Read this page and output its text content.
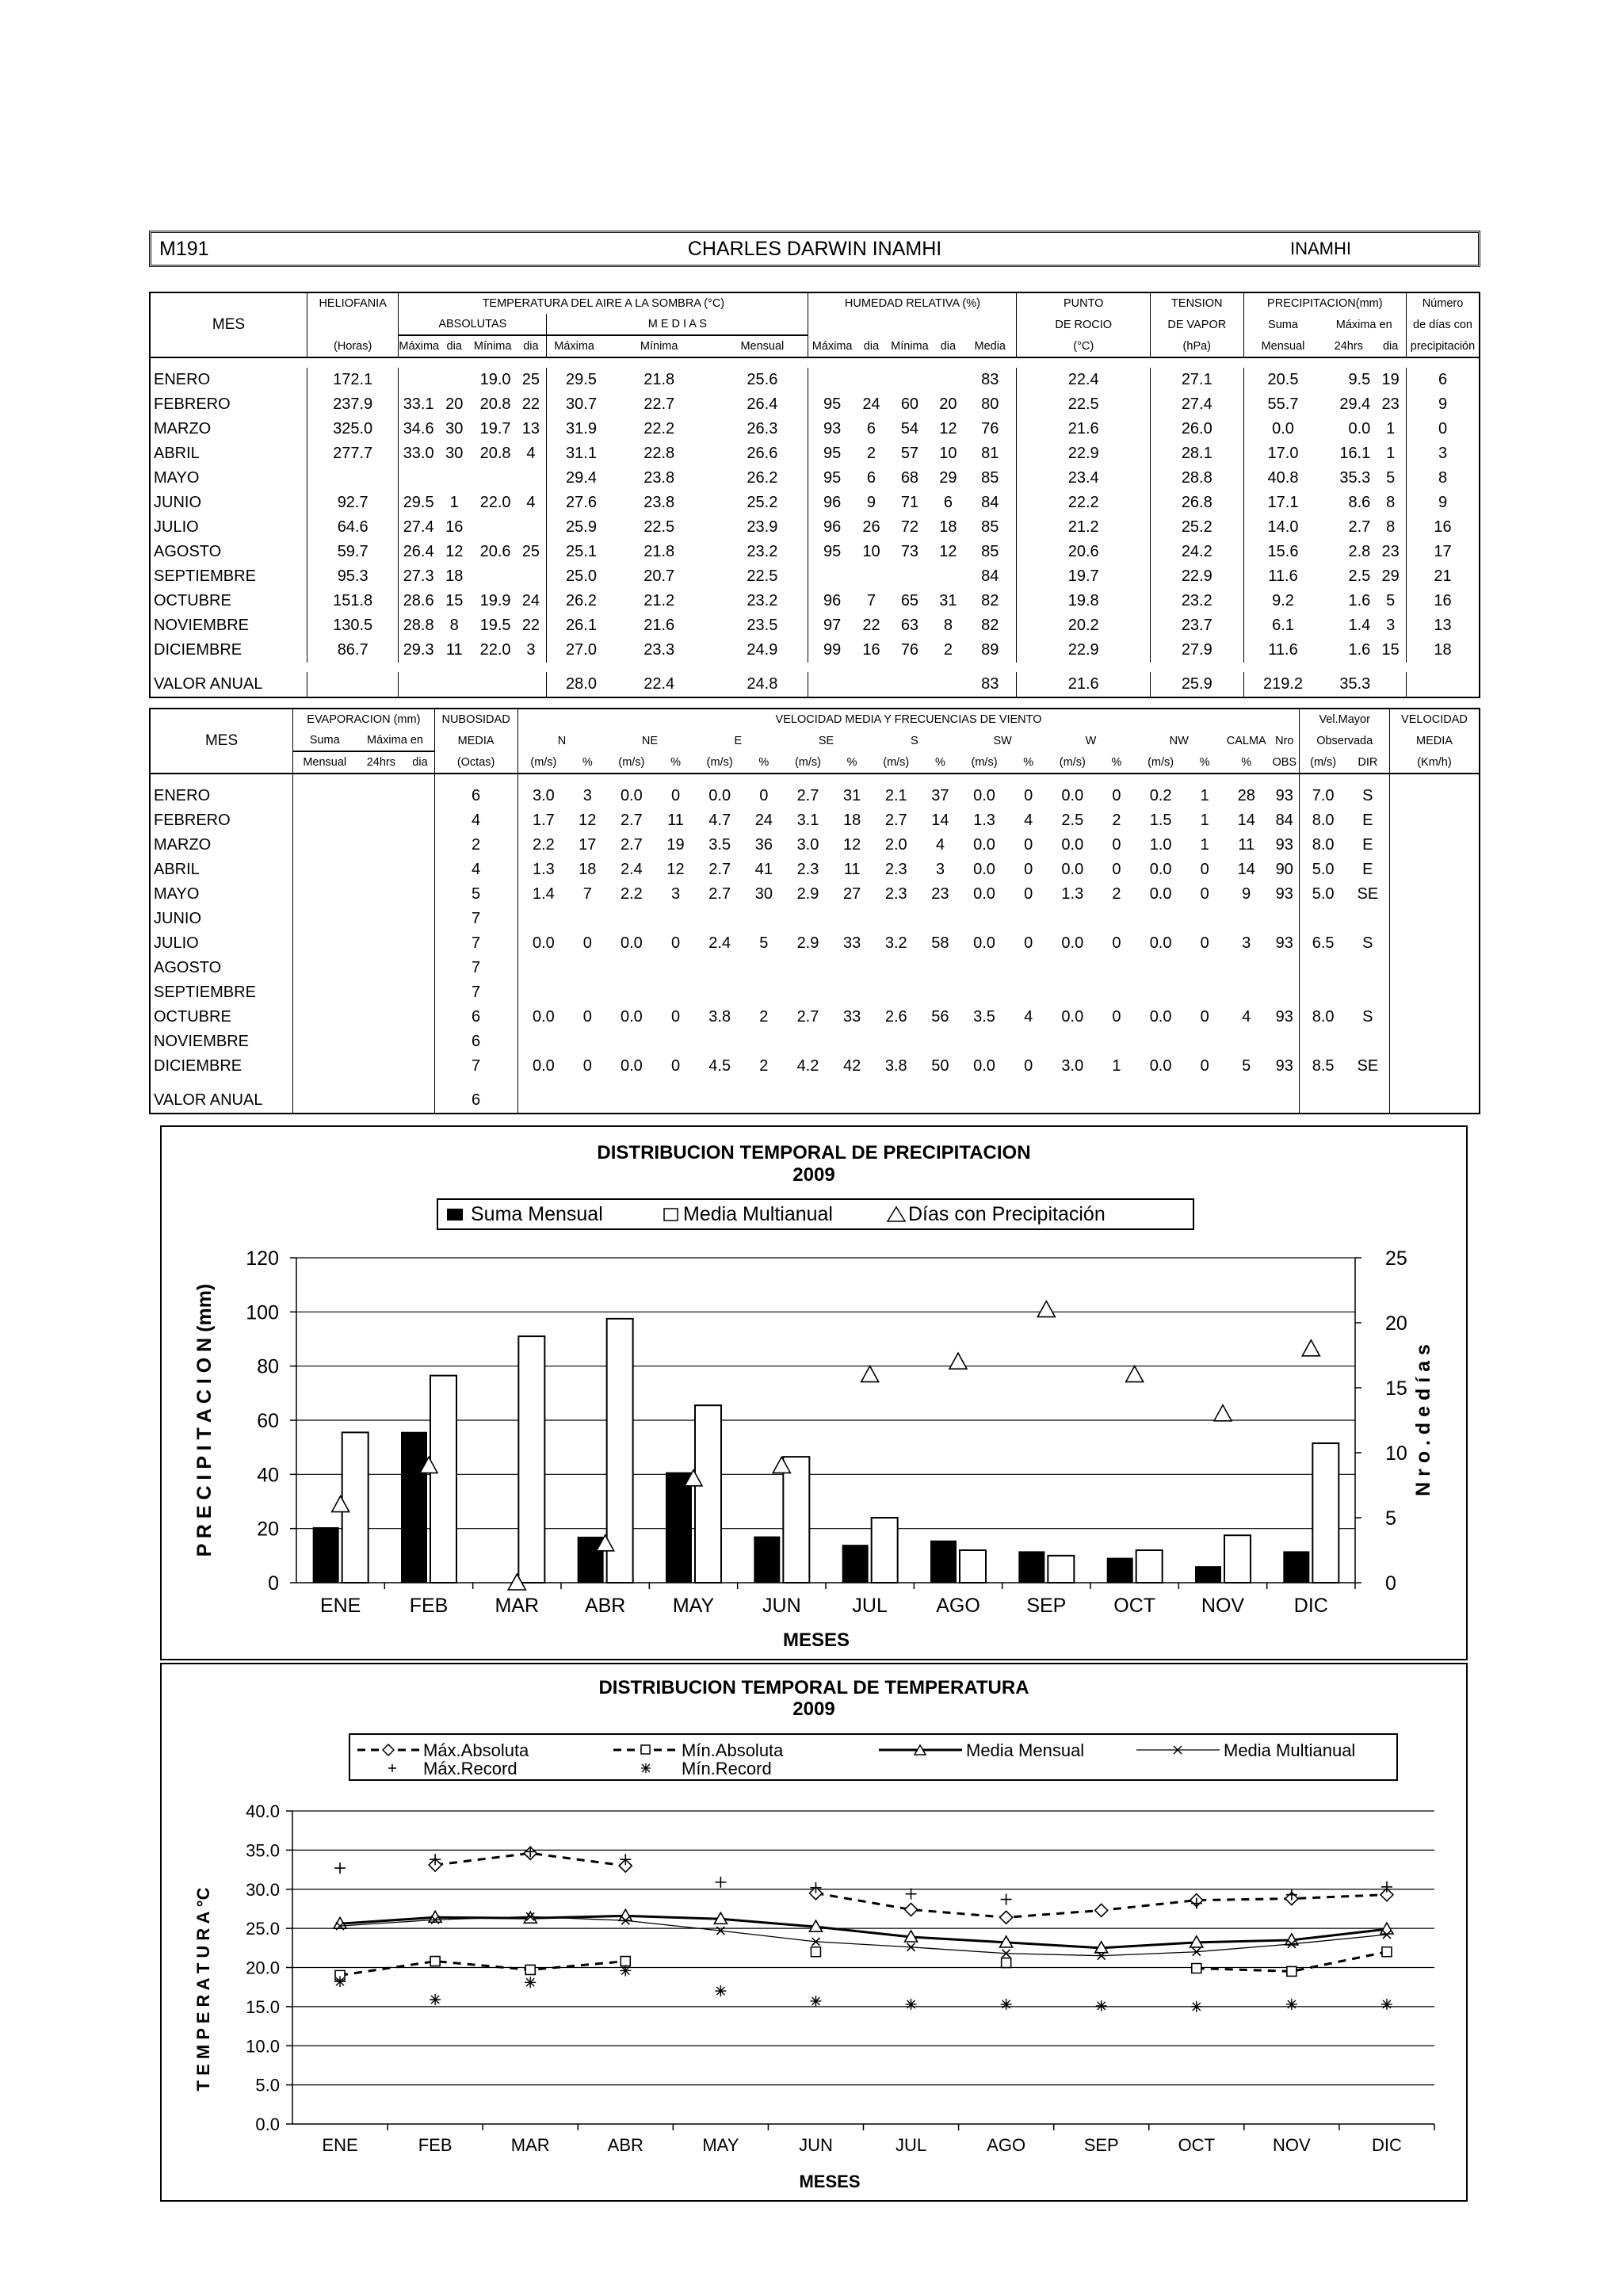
M191	CHARLES DARWIN INAMHI	INAMHI
	HELIOFANIA	TEMPERATURA DEL AIRE A LA SOMBRA (°C)							HUMEDAD RELATIVA (%)					PUNTO	TENSION	PRECIPITACION(mm)			Número
MES		ABSOLUTAS				M E D I A S								DE ROCIO	DE VAPOR	Suma	Máxima en		de días con
	(Horas)	Máxima	dia	Mínima	dia	Máxima	Mínima	Mensual	Máxima	dia	Mínima	dia	Media	(°C)	(hPa)	Mensual	24hrs	dia	precipitación

ENERO	172.1			19.0	25	29.5	21.8	25.6					83	22.4	27.1	20.5	9.5	19	6
FEBRERO	237.9	33.1	20	20.8	22	30.7	22.7	26.4	95	24	60	20	80	22.5	27.4	55.7	29.4	23	9
MARZO	325.0	34.6	30	19.7	13	31.9	22.2	26.3	93	6	54	12	76	21.6	26.0	0.0	0.0	1	0
ABRIL	277.7	33.0	30	20.8	4	31.1	22.8	26.6	95	2	57	10	81	22.9	28.1	17.0	16.1	1	3
MAYO						29.4	23.8	26.2	95	6	68	29	85	23.4	28.8	40.8	35.3	5	8
JUNIO	92.7	29.5	1	22.0	4	27.6	23.8	25.2	96	9	71	6	84	22.2	26.8	17.1	8.6	8	9
JULIO	64.6	27.4	16			25.9	22.5	23.9	96	26	72	18	85	21.2	25.2	14.0	2.7	8	16
AGOSTO	59.7	26.4	12	20.6	25	25.1	21.8	23.2	95	10	73	12	85	20.6	24.2	15.6	2.8	23	17
SEPTIEMBRE	95.3	27.3	18			25.0	20.7	22.5					84	19.7	22.9	11.6	2.5	29	21
OCTUBRE	151.8	28.6	15	19.9	24	26.2	21.2	23.2	96	7	65	31	82	19.8	23.2	9.2	1.6	5	16
NOVIEMBRE	130.5	28.8	8	19.5	22	26.1	21.6	23.5	97	22	63	8	82	20.2	23.7	6.1	1.4	3	13
DICIEMBRE	86.7	29.3	11	22.0	3	27.0	23.3	24.9	99	16	76	2	89	22.9	27.9	11.6	1.6	15	18

VALOR ANUAL						28.0	22.4	24.8					83	21.6	25.9	219.2	35.3		
	EVAPORACION (mm)			NUBOSIDAD	VELOCIDAD MEDIA Y FRECUENCIAS DE VIENTO																		Vel.Mayor		VELOCIDAD
MES	Suma	Máxima en		MEDIA	N		NE		E		SE		S		SW		W		NW		CALMA	Nro	Observada		MEDIA
	Mensual	24hrs	dia	(Octas)	(m/s)	%	(m/s)	%	(m/s)	%	(m/s)	%	(m/s)	%	(m/s)	%	(m/s)	%	(m/s)	%	%	OBS	(m/s)	DIR	(Km/h)

ENERO				6	3.0	3	0.0	0	0.0	0	2.7	31	2.1	37	0.0	0	0.0	0	0.2	1	28	93	7.0	S	
FEBRERO				4	1.7	12	2.7	11	4.7	24	3.1	18	2.7	14	1.3	4	2.5	2	1.5	1	14	84	8.0	E	
MARZO				2	2.2	17	2.7	19	3.5	36	3.0	12	2.0	4	0.0	0	0.0	0	1.0	1	11	93	8.0	E	
ABRIL				4	1.3	18	2.4	12	2.7	41	2.3	11	2.3	3	0.0	0	0.0	0	0.0	0	14	90	5.0	E	
MAYO				5	1.4	7	2.2	3	2.7	30	2.9	27	2.3	23	0.0	0	1.3	2	0.0	0	9	93	5.0	SE	
JUNIO				7																					
JULIO				7	0.0	0	0.0	0	2.4	5	2.9	33	3.2	58	0.0	0	0.0	0	0.0	0	3	93	6.5	S	
AGOSTO				7																					
SEPTIEMBRE				7																					
OCTUBRE				6	0.0	0	0.0	0	3.8	2	2.7	33	2.6	56	3.5	4	0.0	0	0.0	0	4	93	8.0	S	
NOVIEMBRE				6																					
DICIEMBRE				7	0.0	0	0.0	0	4.5	2	4.2	42	3.8	50	0.0	0	3.0	1	0.0	0	5	93	8.5	SE	

VALOR ANUAL				6																					
DISTRIBUCION TEMPORAL DE PRECIPITACION
2009
Suma Mensual	Media Multianual	Días con Precipitación
0
20
40
60
80
100
120
0
5
10
15
20
25
ENE FEB MAR ABR MAY JUN	JUL AGO SEP OCT NOV	DIC
MESES
P R E C I P I T A C I O N (mm)	N r o . d e d í a s
DISTRIBUCION TEMPORAL DE TEMPERATURA
2009
Máx.Absoluta	Mín.Absoluta	Media Mensual	Media Multianual
Máx.Record	Mín.Record
0.0
5.0
10.0
15.0
20.0
25.0
30.0
35.0
40.0
ENE	FEB	MAR	ABR	MAY	JUN	JUL	AGO	SEP	OCT	NOV	DIC
MESES
T E M P E R A T U R A °C
